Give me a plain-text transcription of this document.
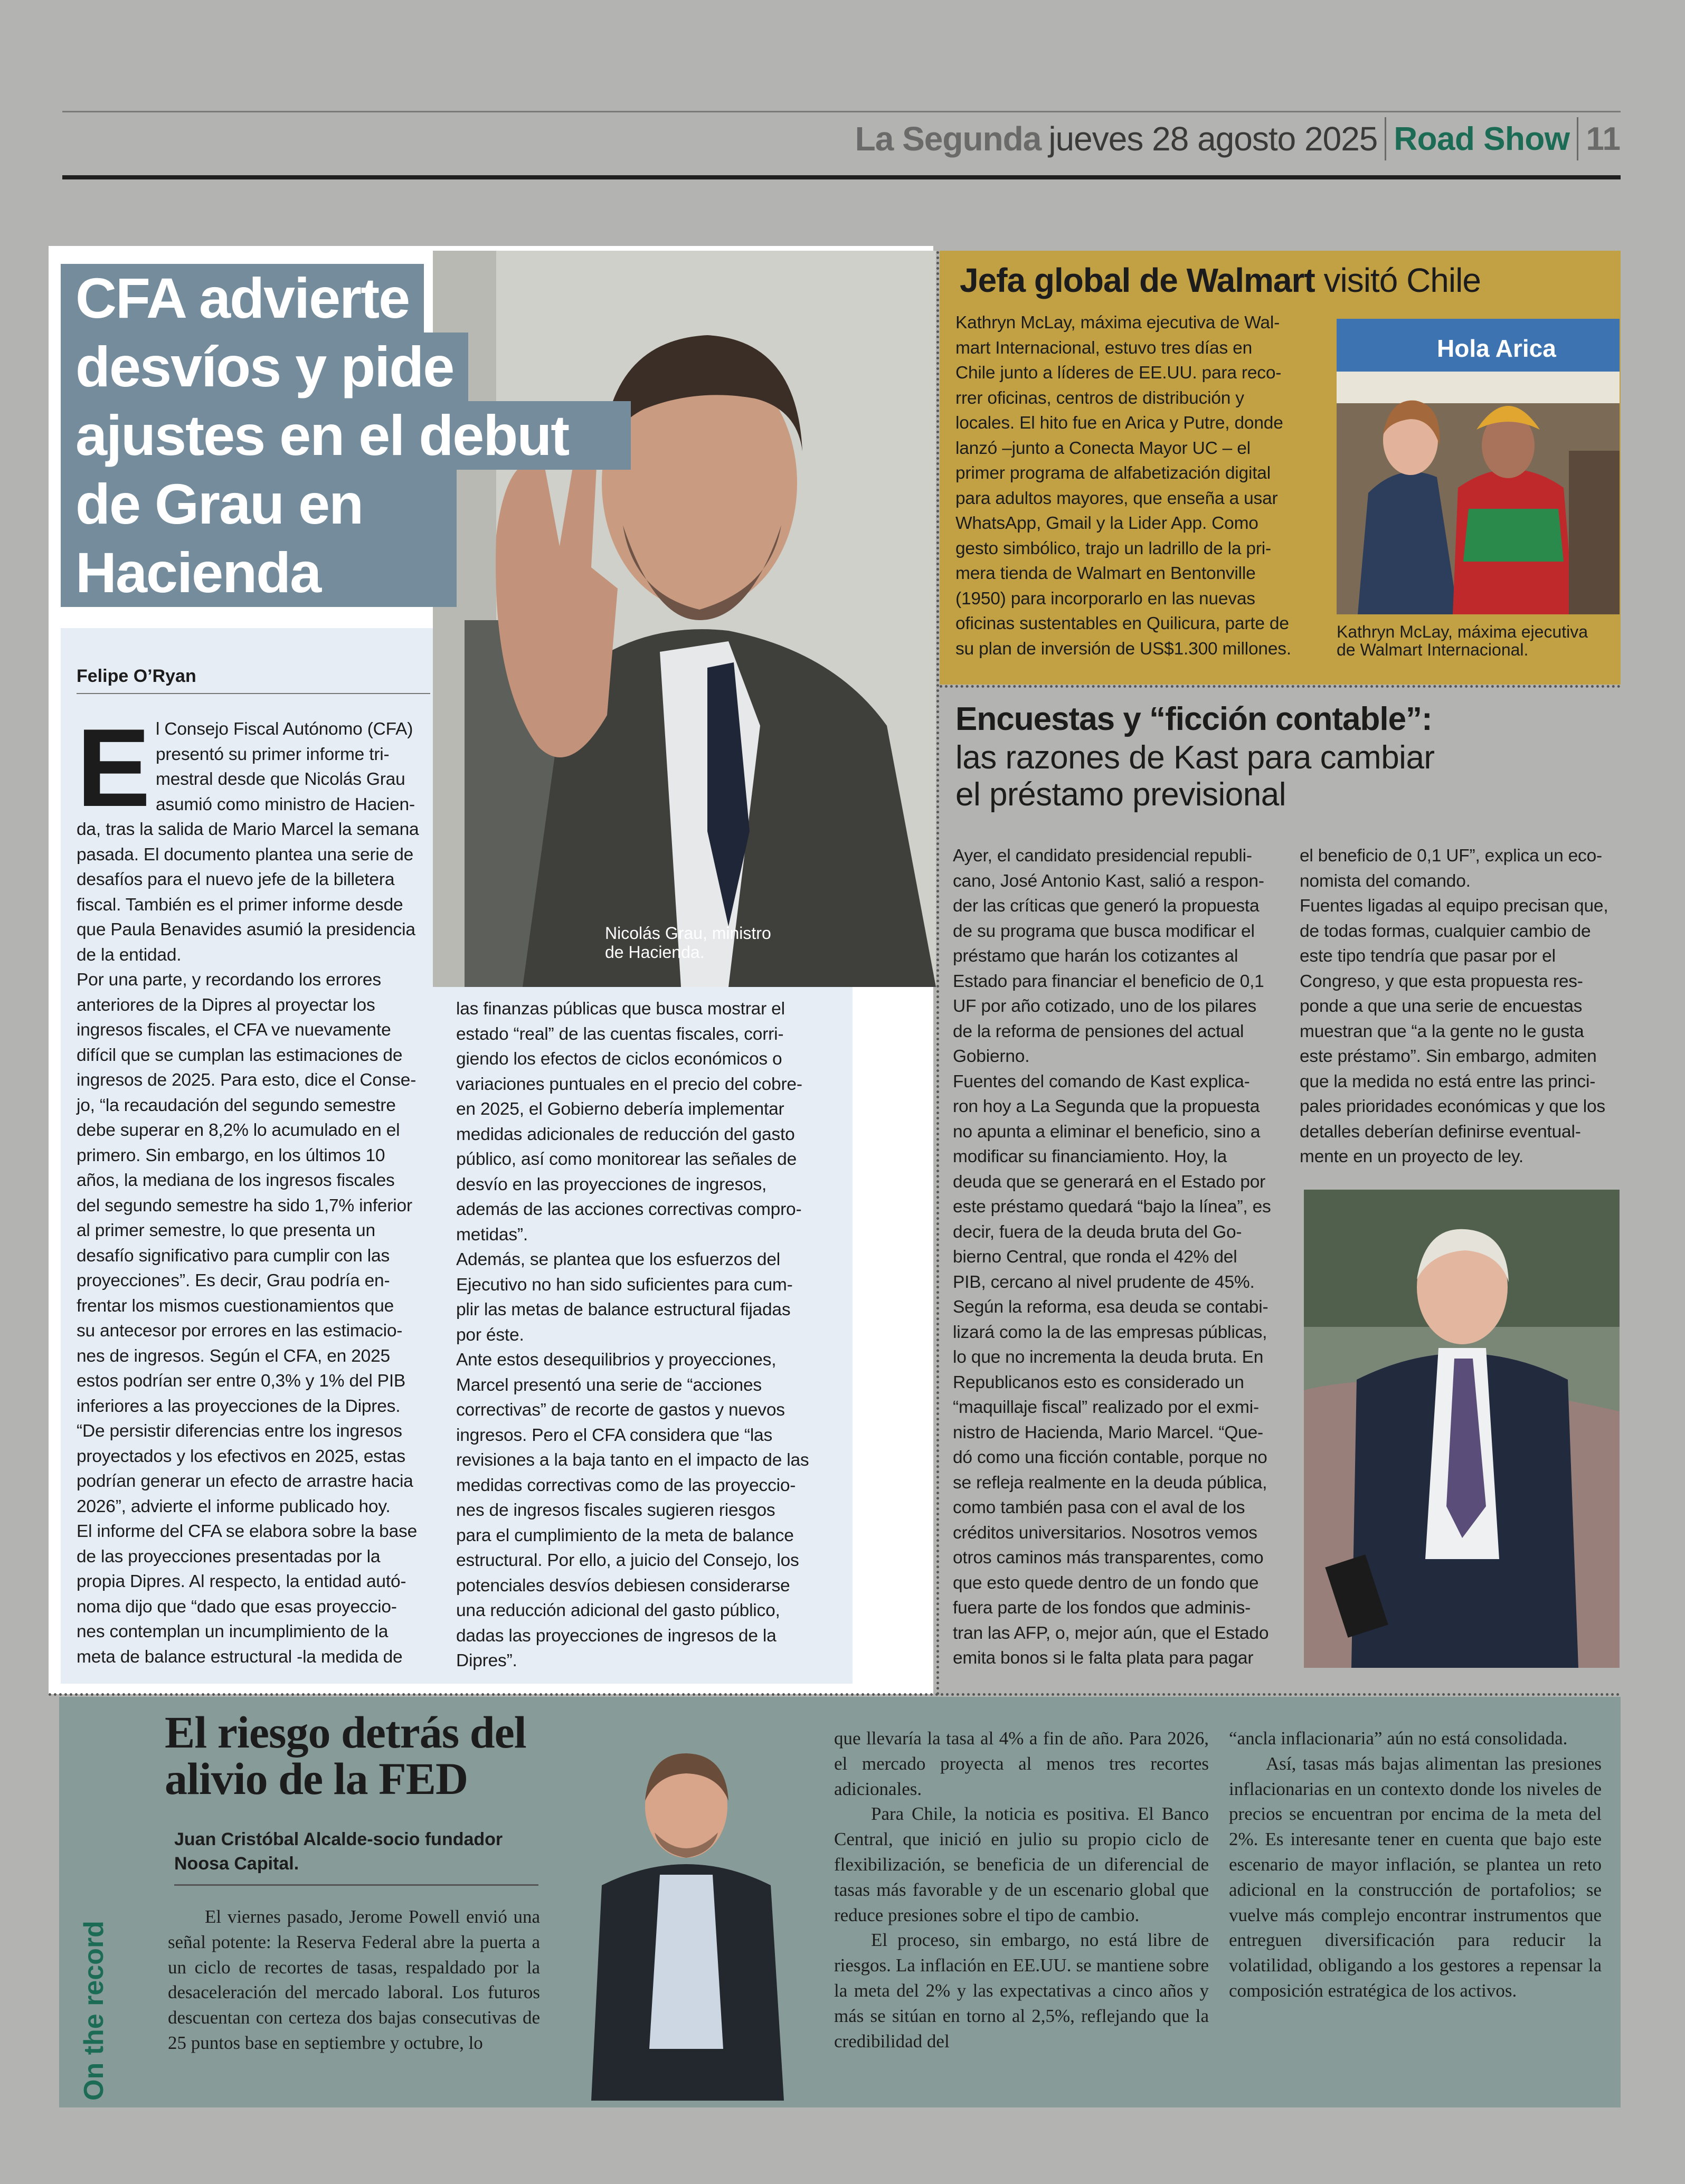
La Segunda jueves 28 agosto 2025 Road Show 11
Nicolás Grau, ministro
de Hacienda.
CFA advierte
desvíos y pide
ajustes en el debut
de Grau en
Hacienda
Felipe O’Ryan
E l Consejo Fiscal Autónomo (CFA)
presentó su primer informe tri-
mestral desde que Nicolás Grau
asumió como ministro de Hacien-
da, tras la salida de Mario Marcel la semana
pasada. El documento plantea una serie de
desafíos para el nuevo jefe de la billetera
fiscal. También es el primer informe desde
que Paula Benavides asumió la presidencia
de la entidad.
Por una parte, y recordando los errores
anteriores de la Dipres al proyectar los
ingresos fiscales, el CFA ve nuevamente
difícil que se cumplan las estimaciones de
ingresos de 2025. Para esto, dice el Conse-
jo, “la recaudación del segundo semestre
debe superar en 8,2% lo acumulado en el
primero. Sin embargo, en los últimos 10
años, la mediana de los ingresos fiscales
del segundo semestre ha sido 1,7% inferior
al primer semestre, lo que presenta un
desafío significativo para cumplir con las
proyecciones”. Es decir, Grau podría en-
frentar los mismos cuestionamientos que
su antecesor por errores en las estimacio-
nes de ingresos. Según el CFA, en 2025
estos podrían ser entre 0,3% y 1% del PIB
inferiores a las proyecciones de la Dipres.
“De persistir diferencias entre los ingresos
proyectados y los efectivos en 2025, estas
podrían generar un efecto de arrastre hacia
2026”, advierte el informe publicado hoy.
El informe del CFA se elabora sobre la base
de las proyecciones presentadas por la
propia Dipres. Al respecto, la entidad autó-
noma dijo que “dado que esas proyeccio-
nes contemplan un incumplimiento de la
meta de balance estructural -la medida de
las finanzas públicas que busca mostrar el
estado “real” de las cuentas fiscales, corri-
giendo los efectos de ciclos económicos o
variaciones puntuales en el precio del cobre-
en 2025, el Gobierno debería implementar
medidas adicionales de reducción del gasto
público, así como monitorear las señales de
desvío en las proyecciones de ingresos,
además de las acciones correctivas compro-
metidas”.
Además, se plantea que los esfuerzos del
Ejecutivo no han sido suficientes para cum-
plir las metas de balance estructural fijadas
por éste.
Ante estos desequilibrios y proyecciones,
Marcel presentó una serie de “acciones
correctivas” de recorte de gastos y nuevos
ingresos. Pero el CFA considera que “las
revisiones a la baja tanto en el impacto de las
medidas correctivas como de las proyeccio-
nes de ingresos fiscales sugieren riesgos
para el cumplimiento de la meta de balance
estructural. Por ello, a juicio del Consejo, los
potenciales desvíos debiesen considerarse
una reducción adicional del gasto público,
dadas las proyecciones de ingresos de la
Dipres”.
Jefa global de Walmart visitó Chile
Kathryn McLay, máxima ejecutiva de Wal-
mart Internacional, estuvo tres días en
Chile junto a líderes de EE.UU. para reco-
rrer oficinas, centros de distribución y
locales. El hito fue en Arica y Putre, donde
lanzó –junto a Conecta Mayor UC – el
primer programa de alfabetización digital
para adultos mayores, que enseña a usar
WhatsApp, Gmail y la Lider App. Como
gesto simbólico, trajo un ladrillo de la pri-
mera tienda de Walmart en Bentonville
(1950) para incorporarlo en las nuevas
oficinas sustentables en Quilicura, parte de
su plan de inversión de US$1.300 millones.
Hola Arica
Kathryn McLay, máxima ejecutiva
de Walmart Internacional.
Encuestas y “ficción contable”:
las razones de Kast para cambiar
el préstamo previsional
Ayer, el candidato presidencial republi-
cano, José Antonio Kast, salió a respon-
der las críticas que generó la propuesta
de su programa que busca modificar el
préstamo que harán los cotizantes al
Estado para financiar el beneficio de 0,1
UF por año cotizado, uno de los pilares
de la reforma de pensiones del actual
Gobierno.
Fuentes del comando de Kast explica-
ron hoy a La Segunda que la propuesta
no apunta a eliminar el beneficio, sino a
modificar su financiamiento. Hoy, la
deuda que se generará en el Estado por
este préstamo quedará “bajo la línea”, es
decir, fuera de la deuda bruta del Go-
bierno Central, que ronda el 42% del
PIB, cercano al nivel prudente de 45%.
Según la reforma, esa deuda se contabi-
lizará como la de las empresas públicas,
lo que no incrementa la deuda bruta. En
Republicanos esto es considerado un
“maquillaje fiscal” realizado por el exmi-
nistro de Hacienda, Mario Marcel. “Que-
dó como una ficción contable, porque no
se refleja realmente en la deuda pública,
como también pasa con el aval de los
créditos universitarios. Nosotros vemos
otros caminos más transparentes, como
que esto quede dentro de un fondo que
fuera parte de los fondos que adminis-
tran las AFP, o, mejor aún, que el Estado
emita bonos si le falta plata para pagar
el beneficio de 0,1 UF”, explica un eco-
nomista del comando.
Fuentes ligadas al equipo precisan que,
de todas formas, cualquier cambio de
este tipo tendría que pasar por el
Congreso, y que esta propuesta res-
ponde a que una serie de encuestas
muestran que “a la gente no le gusta
este préstamo”. Sin embargo, admiten
que la medida no está entre las princi-
pales prioridades económicas y que los
detalles deberían definirse eventual-
mente en un proyecto de ley.
On the record
El riesgo detrás del
alivio de la FED
Juan Cristóbal Alcalde-socio fundador
Noosa Capital.

El viernes pasado, Jerome Powell envió una señal potente: la Reserva Federal abre la puerta a un ciclo de recortes de tasas, respaldado por la desaceleración del mercado laboral. Los futuros descuentan con certeza dos bajas consecutivas de 25 puntos base en septiembre y octubre, lo

que llevaría la tasa al 4% a fin de año. Para 2026, el mercado proyecta al menos tres recortes adicionales.

Para Chile, la noticia es positiva. El Banco Central, que inició en julio su propio ciclo de flexibilización, se beneficia de un diferencial de tasas más favorable y de un escenario global que reduce presiones sobre el tipo de cambio.

El proceso, sin embargo, no está libre de riesgos. La inflación en EE.UU. se mantiene sobre la meta del 2% y las expectativas a cinco años y más se sitúan en torno al 2,5%, reflejando que la credibilidad del

“ancla inflacionaria” aún no está consolidada.

Así, tasas más bajas alimentan las presiones inflacionarias en un contexto donde los niveles de precios se encuentran por encima de la meta del 2%. Es interesante tener en cuenta que bajo este escenario de mayor inflación, se plantea un reto adicional en la construcción de portafolios; se vuelve más complejo encontrar instrumentos que entreguen diversificación para reducir la volatilidad, obligando a los gestores a repensar la composición estratégica de los activos.
